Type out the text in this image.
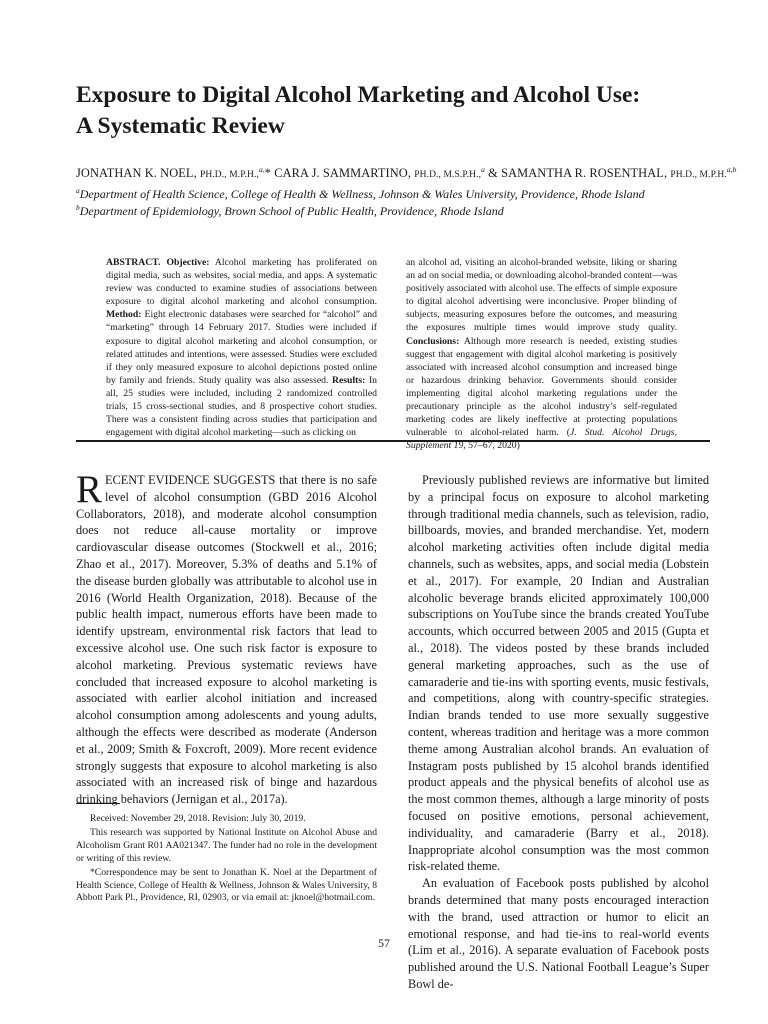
Exposure to Digital Alcohol Marketing and Alcohol Use:
A Systematic Review
JONATHAN K. NOEL, PH.D., M.P.H.,$^{a,}$* CARA J. SAMMARTINO, PH.D., M.S.P.H.,$^a$ & SAMANTHA R. ROSENTHAL, PH.D., M.P.H.$^{a,b}$
$^a$Department of Health Science, College of Health & Wellness, Johnson & Wales University, Providence, Rhode Island
$^b$Department of Epidemiology, Brown School of Public Health, Providence, Rhode Island

ABSTRACT. Objective: Alcohol marketing has proliferated on digital media, such as websites, social media, and apps. A systematic review was conducted to examine studies of associations between exposure to digital alcohol marketing and alcohol consumption. Method: Eight electronic databases were searched for “alcohol” and “marketing” through 14 February 2017. Studies were included if exposure to digital alcohol marketing and alcohol consumption, or related attitudes and intentions, were assessed. Studies were excluded if they only measured exposure to alcohol depictions posted online by family and friends. Study quality was also assessed. Results: In all, 25 studies were included, including 2 randomized controlled trials, 15 cross-sectional studies, and 8 prospective cohort studies. There was a consistent finding across studies that participation and engagement with digital alcohol marketing—such as clicking on

an alcohol ad, visiting an alcohol-branded website, liking or sharing an ad on social media, or downloading alcohol-branded content—was positively associated with alcohol use. The effects of simple exposure to digital alcohol advertising were inconclusive. Proper blinding of subjects, measuring exposures before the outcomes, and measuring the exposures multiple times would improve study quality. Conclusions: Although more research is needed, existing studies suggest that engagement with digital alcohol marketing is positively associated with increased alcohol consumption and increased binge or hazardous drinking behavior. Governments should consider implementing digital alcohol marketing regulations under the precautionary principle as the alcohol industry’s self-regulated marketing codes are likely ineffective at protecting populations vulnerable to alcohol-related harm. (J. Stud. Alcohol Drugs, Supplement 19, 57–67, 2020)

RECENT EVIDENCE SUGGESTS that there is no safe level of alcohol consumption (GBD 2016 Alcohol Collaborators, 2018), and moderate alcohol consumption does not reduce all-cause mortality or improve cardiovascular disease outcomes (Stockwell et al., 2016; Zhao et al., 2017). Moreover, 5.3% of deaths and 5.1% of the disease burden globally was attributable to alcohol use in 2016 (World Health Organization, 2018). Because of the public health impact, numerous efforts have been made to identify upstream, environmental risk factors that lead to excessive alcohol use. One such risk factor is exposure to alcohol marketing. Previous systematic reviews have concluded that increased exposure to alcohol marketing is associated with earlier alcohol initiation and increased alcohol consumption among adolescents and young adults, although the effects were described as moderate (Anderson et al., 2009; Smith & Foxcroft, 2009). More recent evidence strongly suggests that exposure to alcohol marketing is also associated with an increased risk of binge and hazardous drinking behaviors (Jernigan et al., 2017a).

Received: November 29, 2018. Revision: July 30, 2019.

This research was supported by National Institute on Alcohol Abuse and Alcoholism Grant R01 AA021347. The funder had no role in the development or writing of this review.

*Correspondence may be sent to Jonathan K. Noel at the Department of Health Science, College of Health & Wellness, Johnson & Wales University, 8 Abbott Park Pl., Providence, RI, 02903, or via email at: jknoel@hotmail.com.

Previously published reviews are informative but limited by a principal focus on exposure to alcohol marketing through traditional media channels, such as television, radio, billboards, movies, and branded merchandise. Yet, modern alcohol marketing activities often include digital media channels, such as websites, apps, and social media (Lobstein et al., 2017). For example, 20 Indian and Australian alcoholic beverage brands elicited approximately 100,000 subscriptions on YouTube since the brands created YouTube accounts, which occurred between 2005 and 2015 (Gupta et al., 2018). The videos posted by these brands included general marketing approaches, such as the use of camaraderie and tie-ins with sporting events, music festivals, and competitions, along with country-specific strategies. Indian brands tended to use more sexually suggestive content, whereas tradition and heritage was a more common theme among Australian alcohol brands. An evaluation of Instagram posts published by 15 alcohol brands identified product appeals and the physical benefits of alcohol use as the most common themes, although a large minority of posts focused on positive emotions, personal achievement, individuality, and camaraderie (Barry et al., 2018). Inappropriate alcohol consumption was the most common risk-related theme.

An evaluation of Facebook posts published by alcohol brands determined that many posts encouraged interaction with the brand, used attraction or humor to elicit an emotional response, and had tie-ins to real-world events (Lim et al., 2016). A separate evaluation of Facebook posts published around the U.S. National Football League’s Super Bowl de-

57
